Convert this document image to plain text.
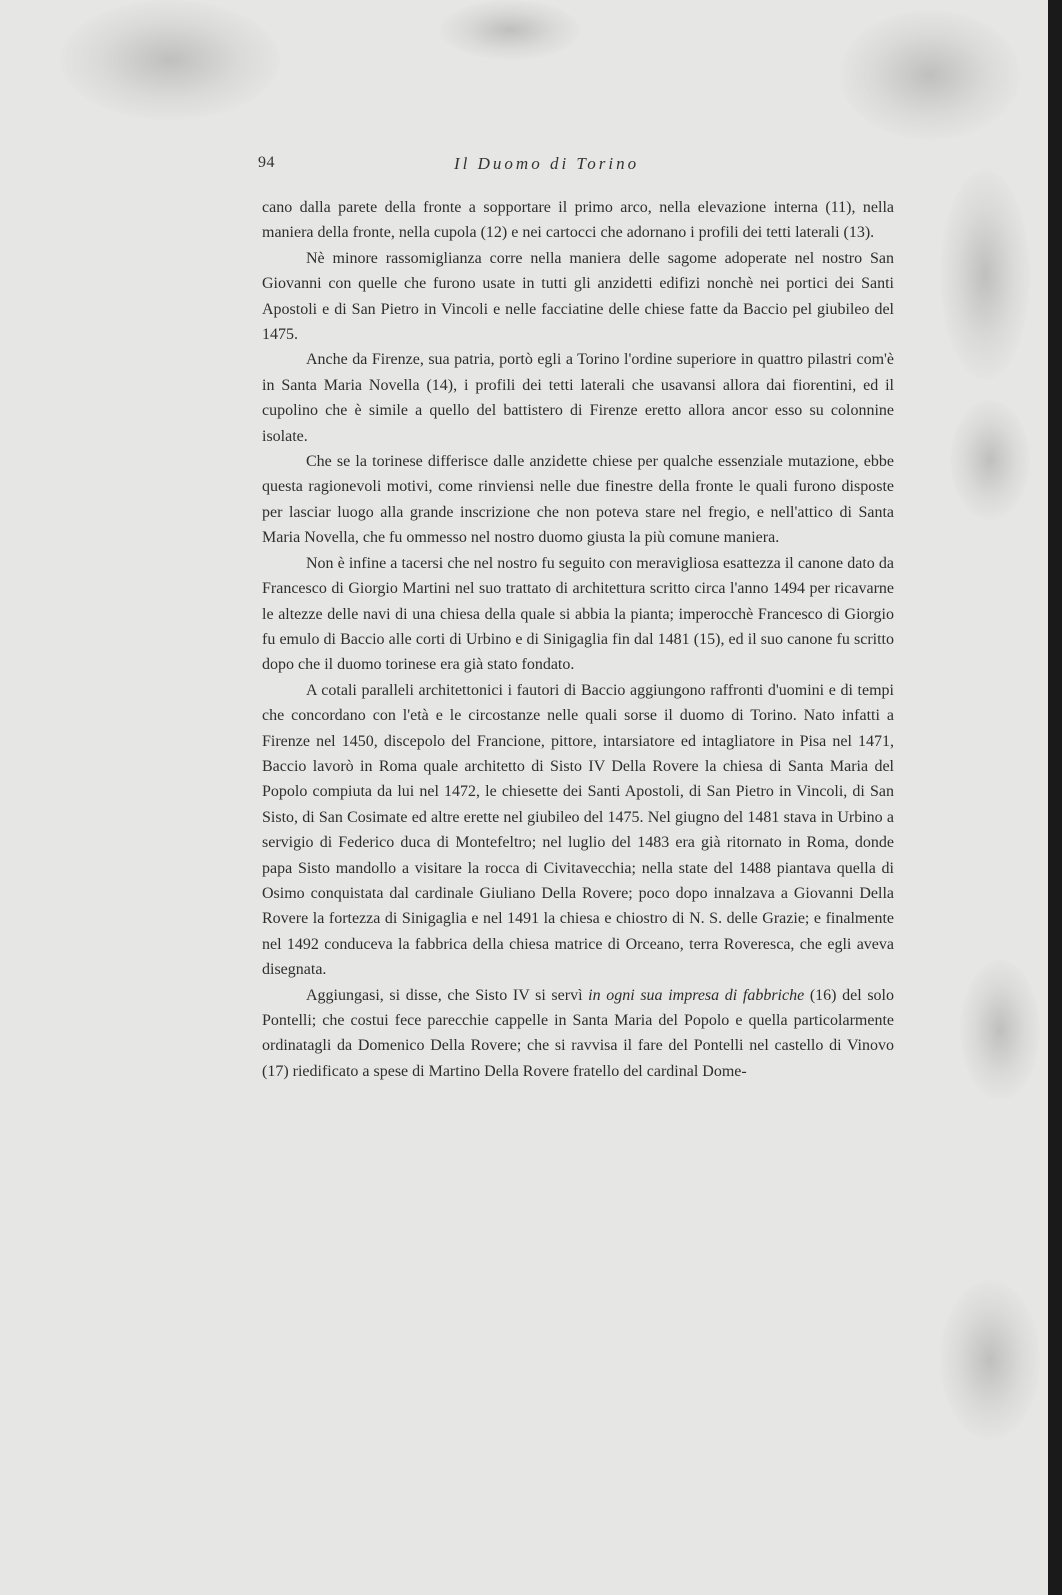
94	Il Duomo di Torino

cano dalla parete della fronte a sopportare il primo arco, nella elevazione interna (11), nella maniera della fronte, nella cupola (12) e nei cartocci che adornano i profili dei tetti laterali (13).

Nè minore rassomiglianza corre nella maniera delle sagome adoperate nel nostro San Giovanni con quelle che furono usate in tutti gli anzidetti edifizi nonchè nei portici dei Santi Apostoli e di San Pietro in Vincoli e nelle facciatine delle chiese fatte da Baccio pel giubileo del 1475.

Anche da Firenze, sua patria, portò egli a Torino l'ordine superiore in quattro pilastri com'è in Santa Maria Novella (14), i profili dei tetti laterali che usavansi allora dai fiorentini, ed il cupolino che è simile a quello del battistero di Firenze eretto allora ancor esso su colonnine isolate.

Che se la torinese differisce dalle anzidette chiese per qualche essenziale mutazione, ebbe questa ragionevoli motivi, come rinviensi nelle due finestre della fronte le quali furono disposte per lasciar luogo alla grande inscrizione che non poteva stare nel fregio, e nell'attico di Santa Maria Novella, che fu ommesso nel nostro duomo giusta la più comune maniera.

Non è infine a tacersi che nel nostro fu seguito con meravigliosa esattezza il canone dato da Francesco di Giorgio Martini nel suo trattato di architettura scritto circa l'anno 1494 per ricavarne le altezze delle navi di una chiesa della quale si abbia la pianta; imperocchè Francesco di Giorgio fu emulo di Baccio alle corti di Urbino e di Sinigaglia fin dal 1481 (15), ed il suo canone fu scritto dopo che il duomo torinese era già stato fondato.

A cotali paralleli architettonici i fautori di Baccio aggiungono raffronti d'uomini e di tempi che concordano con l'età e le circostanze nelle quali sorse il duomo di Torino. Nato infatti a Firenze nel 1450, discepolo del Francione, pittore, intarsiatore ed intagliatore in Pisa nel 1471, Baccio lavorò in Roma quale architetto di Sisto IV Della Rovere la chiesa di Santa Maria del Popolo compiuta da lui nel 1472, le chiesette dei Santi Apostoli, di San Pietro in Vincoli, di San Sisto, di San Cosimate ed altre erette nel giubileo del 1475. Nel giugno del 1481 stava in Urbino a servigio di Federico duca di Montefeltro; nel luglio del 1483 era già ritornato in Roma, donde papa Sisto mandollo a visitare la rocca di Civitavecchia; nella state del 1488 piantava quella di Osimo conquistata dal cardinale Giuliano Della Rovere; poco dopo innalzava a Giovanni Della Rovere la fortezza di Sinigaglia e nel 1491 la chiesa e chiostro di N. S. delle Grazie; e finalmente nel 1492 conduceva la fabbrica della chiesa matrice di Orceano, terra Roveresca, che egli aveva disegnata.

Aggiungasi, si disse, che Sisto IV si servì in ogni sua impresa di fabbriche (16) del solo Pontelli; che costui fece parecchie cappelle in Santa Maria del Popolo e quella particolarmente ordinatagli da Domenico Della Rovere; che si ravvisa il fare del Pontelli nel castello di Vinovo (17) riedificato a spese di Martino Della Rovere fratello del cardinal Dome-
